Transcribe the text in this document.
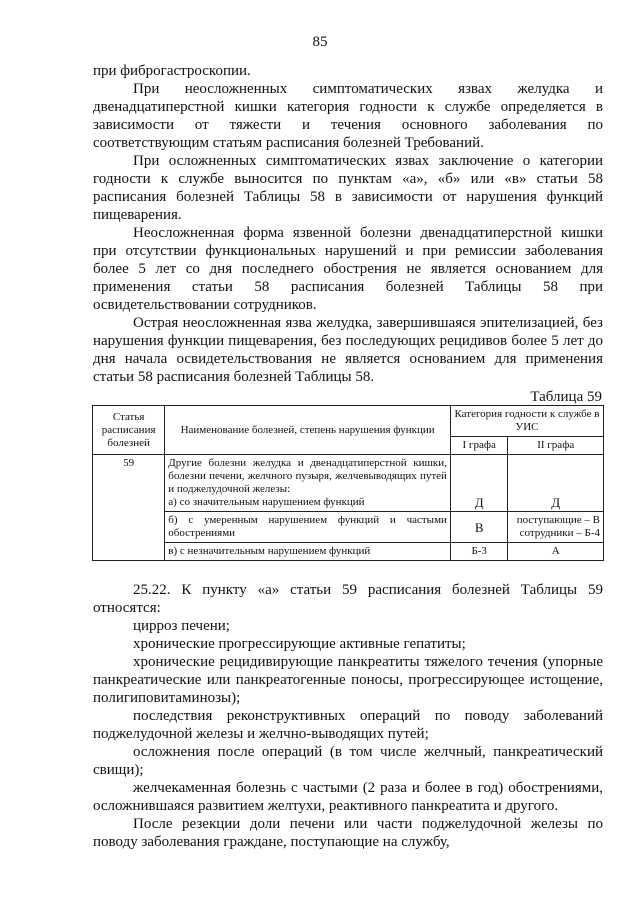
85

при фиброгастроскопии.

При неосложненных симптоматических язвах желудка и двенадцатиперстной кишки категория годности к службе определяется в зависимости от тяжести и течения основного заболевания по соответствующим статьям расписания болезней Требований.

При осложненных симптоматических язвах заключение о категории годности к службе выносится по пунктам «а», «б» или «в» статьи 58 расписания болезней Таблицы 58 в зависимости от нарушения функций пищеварения.

Неосложненная форма язвенной болезни двенадцатиперстной кишки при отсутствии функциональных нарушений и при ремиссии заболевания более 5 лет со дня последнего обострения не является основанием для применения статьи 58 расписания болезней Таблицы 58 при освидетельствовании сотрудников.

Острая неосложненная язва желудка, завершившаяся эпителизацией, без нарушения функции пищеварения, без последующих рецидивов более 5 лет до дня начала освидетельствования не является основанием для применения статьи 58 расписания болезней Таблицы 58.

Таблица 59
Статья расписания болезней	Наименование болезней, степень нарушения функции	Категория годности к службе в УИС	
		I графа	II графа
59	Другие болезни желудка и двенадцатиперстной кишки, болезни печени, желчного пузыря, желчевыводящих путей и поджелудочной железы:
а) со значительным нарушением функций	Д	Д
	б) с умеренным нарушением функций и частыми обострениями	В	поступающие – В сотрудники – Б-4
	в) с незначительным нарушением функций	Б-3	А

25.22. К пункту «а» статьи 59 расписания болезней Таблицы 59 относятся:

цирроз печени;

хронические прогрессирующие активные гепатиты;

хронические рецидивирующие панкреатиты тяжелого течения (упорные панкреатические или панкреатогенные поносы, прогрессирующее истощение, полигиповитаминозы);

последствия реконструктивных операций по поводу заболеваний поджелудочной железы и желчно-выводящих путей;

осложнения после операций (в том числе желчный, панкреатический свищи);

желчекаменная болезнь с частыми (2 раза и более в год) обострениями, осложнившаяся развитием желтухи, реактивного панкреатита и другого.

После резекции доли печени или части поджелудочной железы по поводу заболевания граждане, поступающие на службу,
